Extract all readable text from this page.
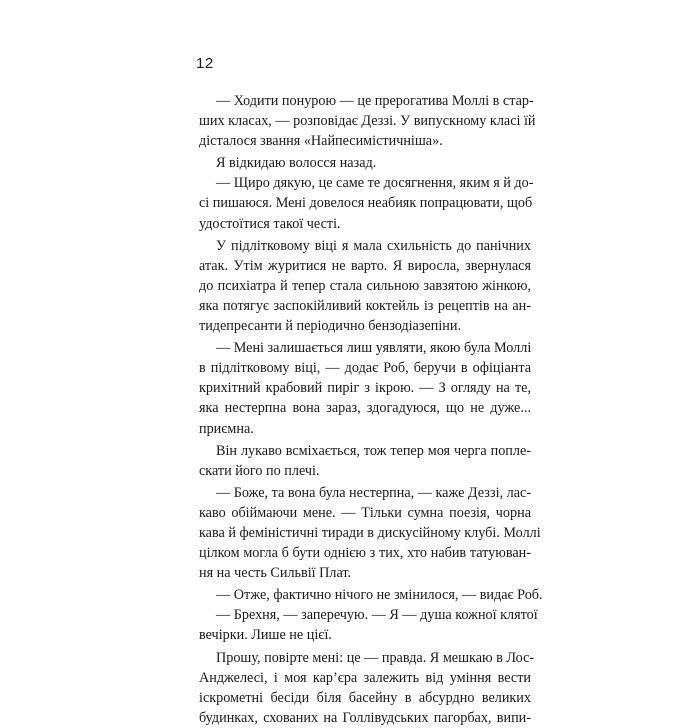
12

— Ходити понурою — це прерогатива Моллі в стар-
ших класах, — розповідає Деззі. У випускному класі їй
дісталося звання «Найпесимістичніша».

Я відкидаю волосся назад.

— Щиро дякую, це саме те досягнення, яким я й до-
сі пишаюся. Мені довелося неабияк попрацювати, щоб
удостоїтися такої честі.

У підлітковому віці я мала схильність до панічних
атак. Утім журитися не варто. Я виросла, звернулася
до психіатра й тепер стала сильною завзятою жінкою,
яка потягує заспокійливий коктейль із рецептів на ан-
тидепресанти й періодично бензодіазепіни.

— Мені залишається лиш уявляти, якою була Моллі
в підлітковому віці, — додає Роб, беручи в офіціанта
крихітний крабовий пиріг з ікрою. — З огляду на те,
яка нестерпна вона зараз, здогадуюся, що не дуже...
приємна.

Він лукаво всміхається, тож тепер моя черга попле-
скати його по плечі.

— Боже, та вона була нестерпна, — каже Деззі, лас-
каво обіймаючи мене. — Тільки сумна поезія, чорна
кава й феміністичні тиради в дискусійному клубі. Моллі
цілком могла б бути однією з тих, хто набив татуюван-
ня на честь Сильвії Плат.

— Отже, фактично нічого не змінилося, — видає Роб.

— Брехня, — заперечую. — Я — душа кожної клятої
вечірки. Лише не цієї.

Прошу, повірте мені: це — правда. Я мешкаю в Лос-
Анджелесі, і моя кар’єра залежить від уміння вести
іскрометні бесіди біля басейну в абсурдно великих
будинках, схованих на Голлівудських пагорбах, випи-
